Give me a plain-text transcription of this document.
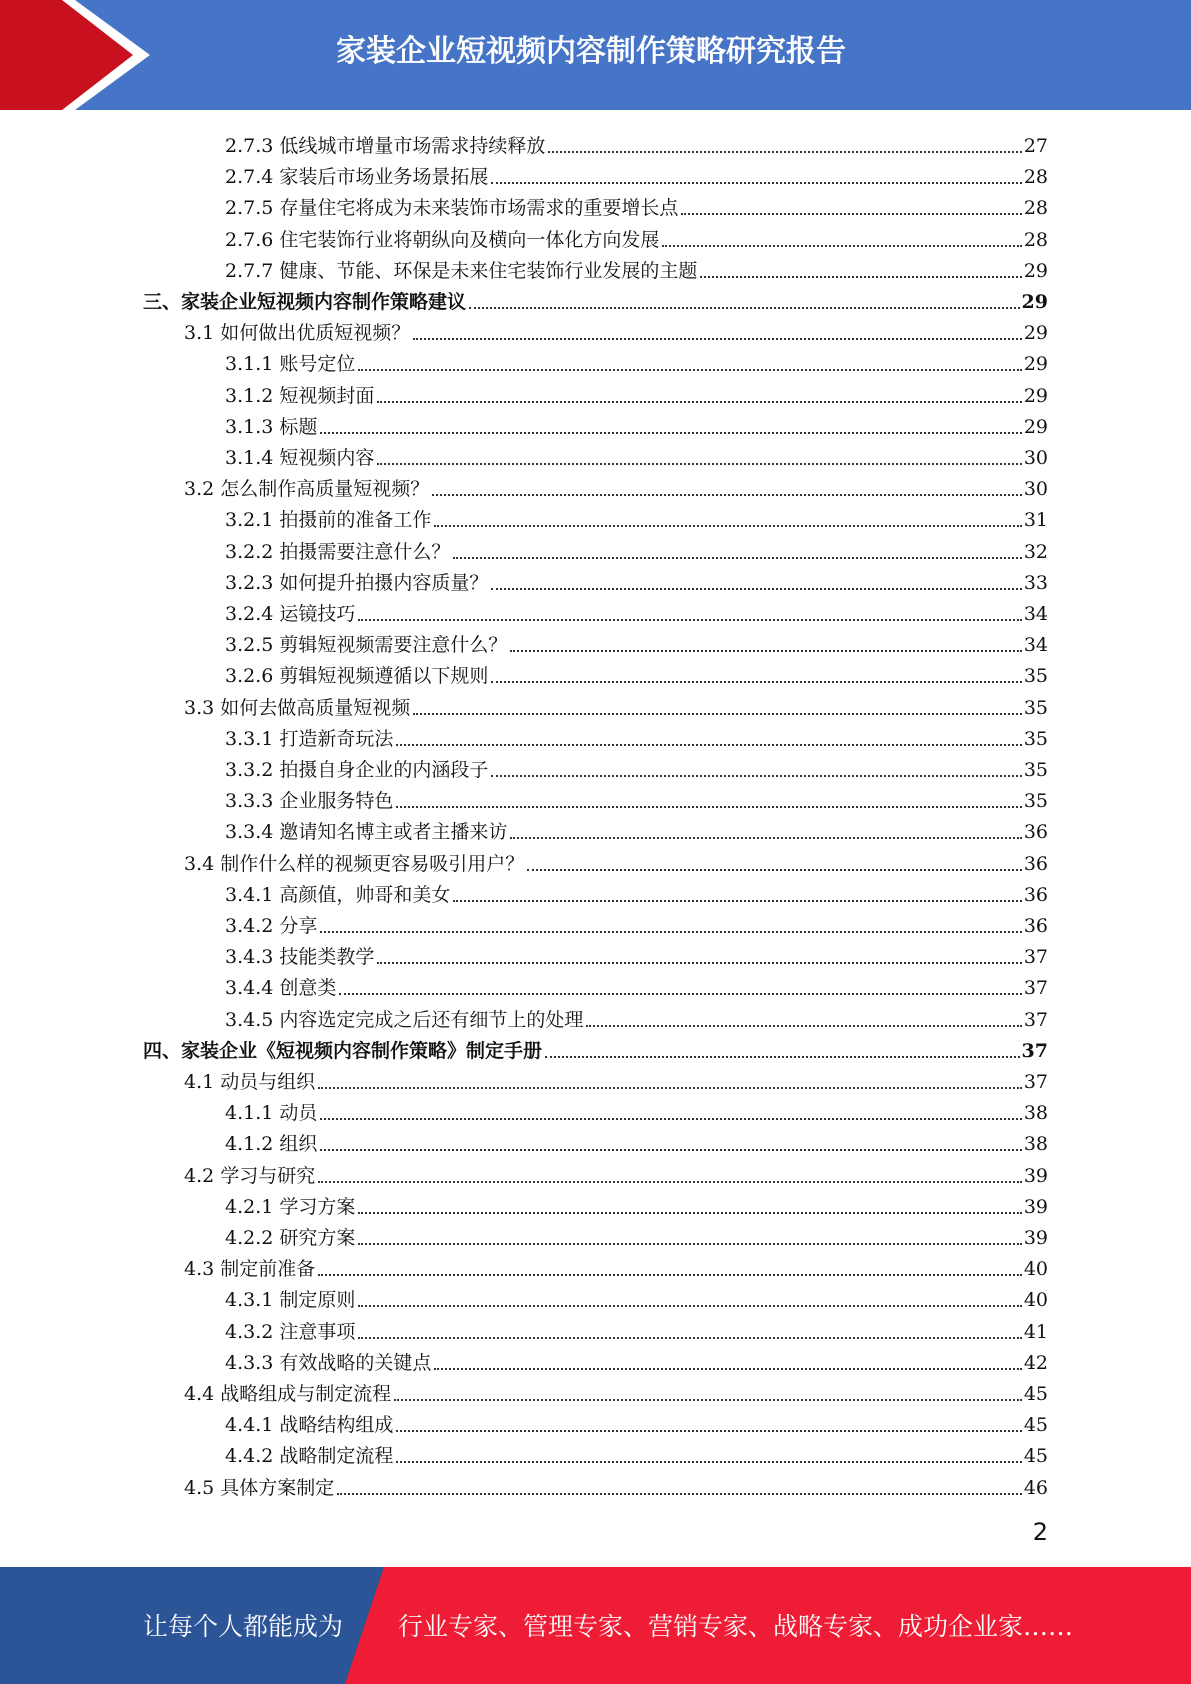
家装企业短视频内容制作策略研究报告
2.7.3 低线城市增量市场需求持续释放	27
2.7.4 家装后市场业务场景拓展	28
2.7.5 存量住宅将成为未来装饰市场需求的重要增长点	28
2.7.6 住宅装饰行业将朝纵向及横向一体化方向发展	28
2.7.7 健康、节能、环保是未来住宅装饰行业发展的主题	29
三、家装企业短视频内容制作策略建议	29
3.1 如何做出优质短视频？	29
3.1.1 账号定位	29
3.1.2 短视频封面	29
3.1.3 标题	29
3.1.4 短视频内容	30
3.2 怎么制作高质量短视频？	30
3.2.1 拍摄前的准备工作	31
3.2.2 拍摄需要注意什么？	32
3.2.3 如何提升拍摄内容质量？	33
3.2.4 运镜技巧	34
3.2.5 剪辑短视频需要注意什么？	34
3.2.6 剪辑短视频遵循以下规则	35
3.3 如何去做高质量短视频	35
3.3.1 打造新奇玩法	35
3.3.2 拍摄自身企业的内涵段子	35
3.3.3 企业服务特色	35
3.3.4 邀请知名博主或者主播来访	36
3.4 制作什么样的视频更容易吸引用户？	36
3.4.1 高颜值，帅哥和美女	36
3.4.2 分享	36
3.4.3 技能类教学	37
3.4.4 创意类	37
3.4.5 内容选定完成之后还有细节上的处理	37
四、家装企业《短视频内容制作策略》制定手册	37
4.1 动员与组织	37
4.1.1 动员	38
4.1.2 组织	38
4.2 学习与研究	39
4.2.1 学习方案	39
4.2.2 研究方案	39
4.3 制定前准备	40
4.3.1 制定原则	40
4.3.2 注意事项	41
4.3.3 有效战略的关键点	42
4.4 战略组成与制定流程	45
4.4.1 战略结构组成	45
4.4.2 战略制定流程	45
4.5 具体方案制定	46
2
让每个人都能成为 行业专家、管理专家、营销专家、战略专家、成功企业家……
